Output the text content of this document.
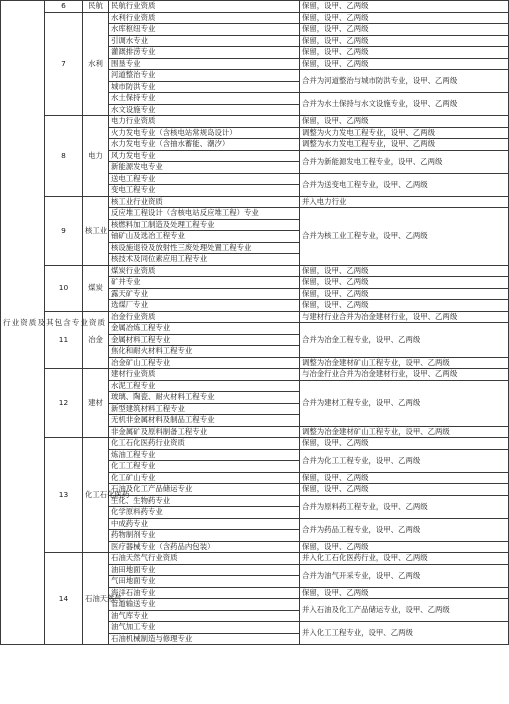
行业资质及其包含专业资质	6	民航	民航行业资质	保留，设甲、乙两级
	7	水利	水利行业资质	保留，设甲、乙两级
			水库枢纽专业	保留，设甲、乙两级
			引调水专业	保留，设甲、乙两级
			灌溉排涝专业	保留，设甲、乙两级
			围垦专业	保留，设甲、乙两级
			河道整治专业	合并为河道整治与城市防洪专业，设甲、乙两级
			城市防洪专业	
			水土保持专业	合并为水土保持与水文设施专业，设甲、乙两级
			水文设施专业	
	8	电力	电力行业资质	保留，设甲、乙两级
			火力发电专业（含核电站常规岛设计）	调整为火力发电工程专业，设甲、乙两级
			水力发电专业（含抽水蓄能、潮汐）	调整为水力发电工程专业，设甲、乙两级
			风力发电专业	合并为新能源发电工程专业，设甲、乙两级
			新能源发电专业	
			送电工程专业	合并为送变电工程专业，设甲、乙两级
			变电工程专业	
	9	核工业	核工业行业资质	并入电力行业
			反应堆工程设计（含核电站反应堆工程）专业	合并为核工业工程专业，设甲、乙两级
			核燃料加工制造及处理工程专业	
			铀矿山及选冶工程专业	
			核设施退役及放射性三废处理处置工程专业	
			核技术及同位素应用工程专业	
	10	煤炭	煤炭行业资质	保留，设甲、乙两级
			矿井专业	保留，设甲、乙两级
			露天矿专业	保留，设甲、乙两级
			选煤厂专业	保留，设甲、乙两级
	11	冶金	冶金行业资质	与建材行业合并为冶金建材行业，设甲、乙两级
			金属冶炼工程专业	合并为冶金工程专业，设甲、乙两级
			金属材料工程专业	
			焦化和耐火材料工程专业	
			冶金矿山工程专业	调整为冶金建材矿山工程专业，设甲、乙两级
	12	建材	建材行业资质	与冶金行业合并为冶金建材行业，设甲、乙两级
			水泥工程专业	合并为建材工程专业，设甲、乙两级
			玻璃、陶瓷、耐火材料工程专业	
			新型建筑材料工程专业	
			无机非金属材料及制品工程专业	
			非金属矿及原料制备工程专业	调整为冶金建材矿山工程专业，设甲、乙两级
	13	化工石化医药	化工石化医药行业资质	保留，设甲、乙两级
			炼油工程专业	合并为化工工程专业，设甲、乙两级
			化工工程专业	
			化工矿山专业	保留，设甲、乙两级
			石油及化工产品储运专业	保留，设甲、乙两级
			生化、生物药专业	合并为原料药工程专业，设甲、乙两级
			化学原料药专业	
			中成药专业	合并为药品工程专业，设甲、乙两级
			药物制剂专业	
			医疗器械专业（含药品内包装）	保留，设甲、乙两级
	14	石油天然气	石油天然气行业资质	并入化工石化医药行业，设甲、乙两级
			油田地面专业	合并为油气开采专业，设甲、乙两级
			气田地面专业	
			海洋石油专业	保留，设甲、乙两级
			管道输送专业	并入石油及化工产品储运专业，设甲、乙两级
			油气库专业	
			油气加工专业	并入化工工程专业，设甲、乙两级
			石油机械制造与修理专业	
